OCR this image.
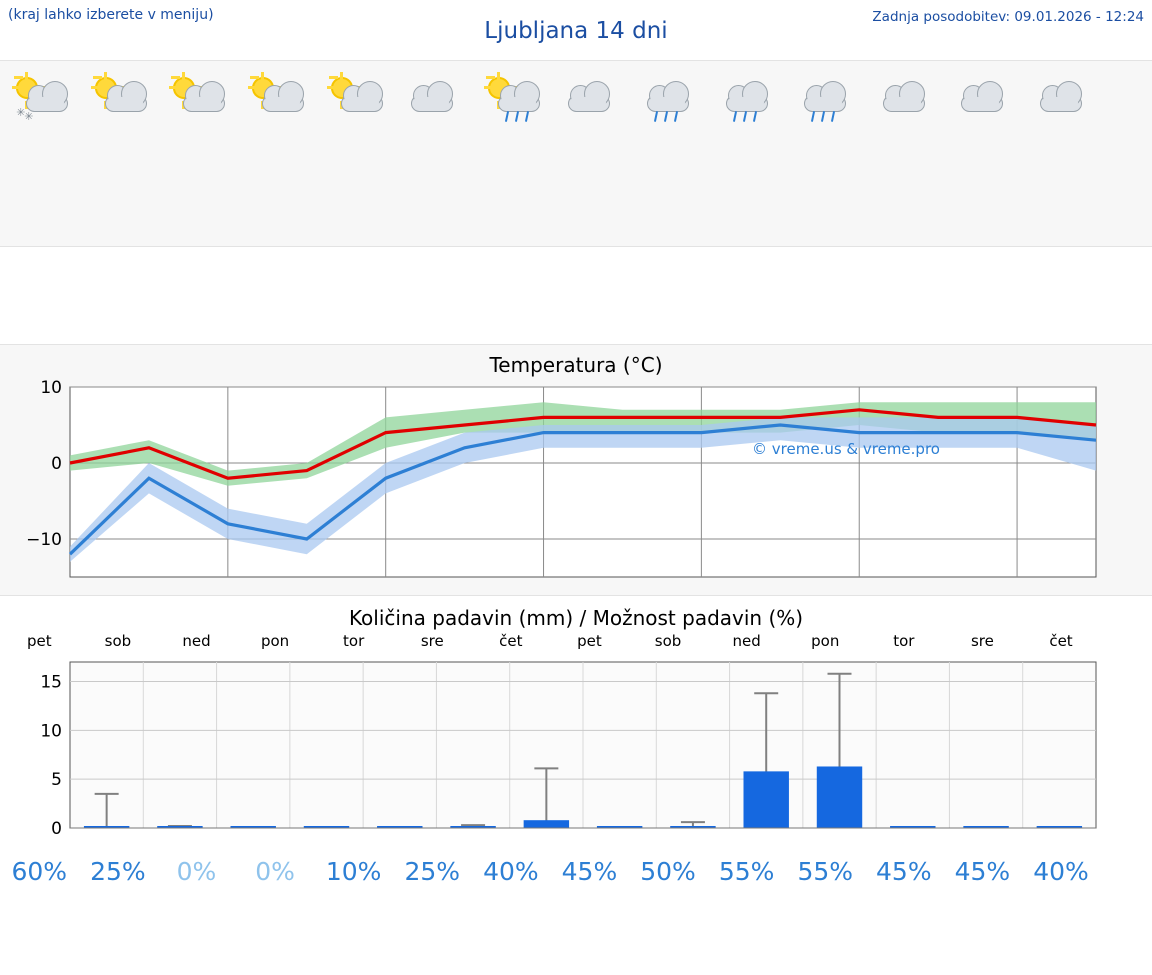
(kraj lahko izberete v meniju)
Ljubljana 14 dni
Zadnja posodobitev: 09.01.2026 - 12:24
✳
✳
Temperatura (°C)
−10
0
10
© vreme.us & vreme.pro
Količina padavin (mm) / Možnost padavin (%)
pet	sob	ned	pon	tor	sre	čet	pet	sob	ned	pon	tor	sre	čet
0
5
10
15
60% 25%	0%	0%	10% 25% 40% 45% 50% 55% 55% 45% 45% 40%
